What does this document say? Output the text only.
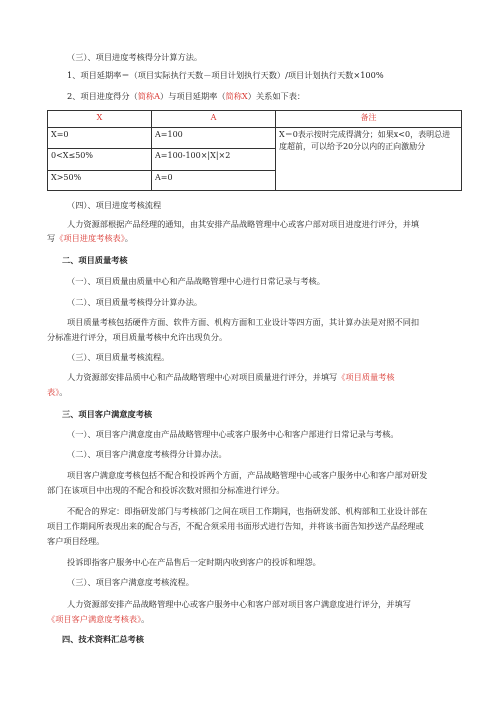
（三）、项目进度考核得分计算方法。
1、项目延期率＝（项目实际执行天数－项目计划执行天数）/项目计划执行天数×100%
2、项目进度得分（简称A）与项目延期率（简称X）关系如下表：
X	A	备注
X=0	A=100	X＝0表示按时完成得满分；如果x<0，表明总进度超前，可以给予20分以内的正向激励分
0<X≤50%	A=100-100×|X|×2	
X>50%	A=0	
（四）、项目进度考核流程
人力资源部根据产品经理的通知，由其安排产品战略管理中心或客户部对项目进度进行评分，并填
写《项目进度考核表》。
二、项目质量考核
（一）、项目质量由质量中心和产品战略管理中心进行日常记录与考核。
（二）、项目质量考核得分计算办法。
项目质量考核包括硬件方面、软件方面、机构方面和工业设计等四方面，其计算办法是对照不同扣
分标准进行评分，项目质量考核中允许出现负分。
（三）、项目质量考核流程。
人力资源部安排品质中心和产品战略管理中心对项目质量进行评分，并填写《项目质量考核
表》。
三、项目客户满意度考核
（一）、项目客户满意度由产品战略管理中心或客户服务中心和客户部进行日常记录与考核。
（二）、项目客户满意度考核得分计算办法。
项目客户满意度考核包括不配合和投诉两个方面，产品战略管理中心或客户服务中心和客户部对研发
部门在该项目中出现的不配合和投诉次数对照扣分标准进行评分。
不配合的界定：即指研发部门与考核部门之间在项目工作期间，也指研发部、机构部和工业设计部在
项目工作期间所表现出来的配合与否，不配合须采用书面形式进行告知，并将该书面告知抄送产品经理或
客户项目经理。
投诉即指客户服务中心在产品售后一定时期内收到客户的投诉和埋怨。
（三）、项目客户满意度考核流程。
人力资源部安排产品战略管理中心或客户服务中心和客户部对项目客户满意度进行评分，并填写
《项目客户满意度考核表》。
四、技术资料汇总考核
